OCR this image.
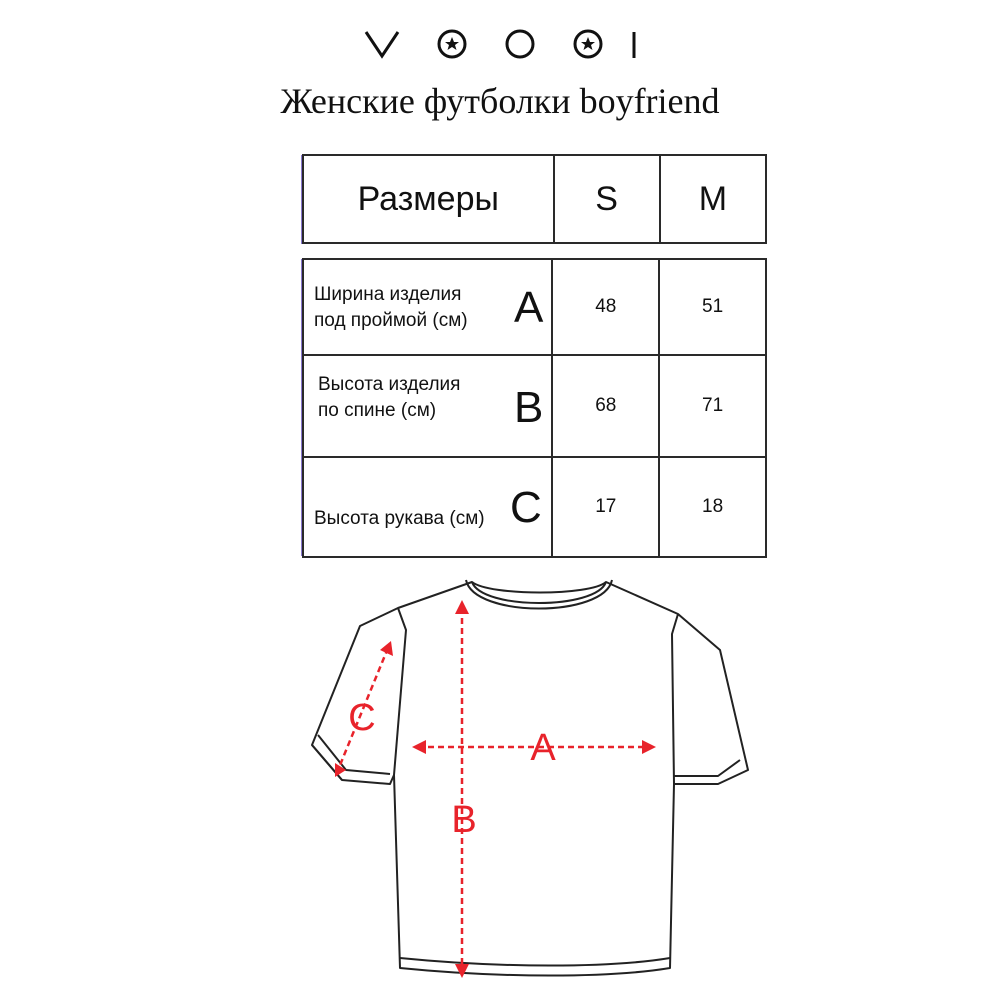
Женские футболки boyfriend
Размеры	S	M
Ширина изделия
под проймой (см) A	48	51

Высота изделия
по спине (см) B	68	71

Высота рукава (см) C	17	18
A
B
C
